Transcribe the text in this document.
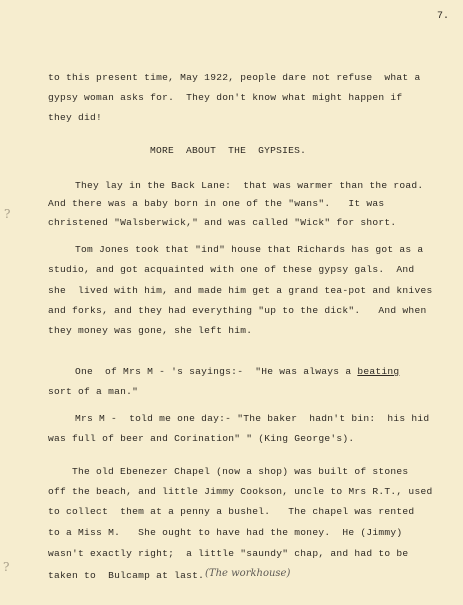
7.
to this present time, May 1922, people dare not refuse  what a
gypsy woman asks for.  They don't know what might happen if
they did!
MORE  ABOUT  THE  GYPSIES.
They lay in the Back Lane:  that was warmer than the road.
And there was a baby born in one of the "wans".   It was
christened "Walsberwick," and was called "Wick" for short.
?
Tom Jones took that "ind" house that Richards has got as a
studio, and got acquainted with one of these gypsy gals.  And
she  lived with him, and made him get a grand tea-pot and knives
and forks, and they had everything "up to the dick".   And when
they money was gone, she left him.
One  of Mrs M - 's sayings:-  "He was always a beating
sort of a man."
Mrs M -  told me one day:- "The baker  hadn't bin:  his hid
was full of beer and Corination" " (King George's).
The old Ebenezer Chapel (now a shop) was built of stones
off the beach, and little Jimmy Cookson, uncle to Mrs R.T., used
to collect  them at a penny a bushel.   The chapel was rented
to a Miss M.   She ought to have had the money.  He (Jimmy)
wasn't exactly right;  a little "saundy" chap, and had to be
?
taken to  Bulcamp at last. (The workhouse)
